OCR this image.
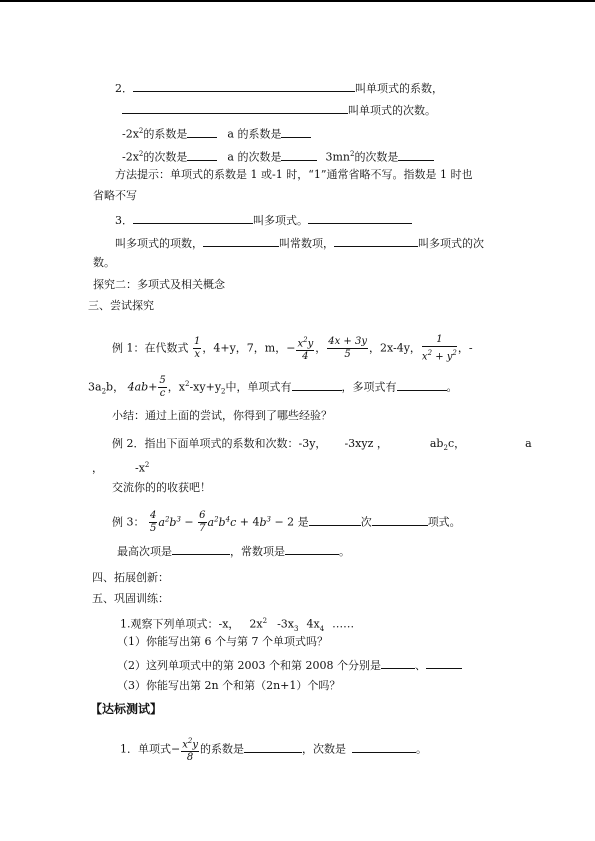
2．	叫单项式的系数，
叫单项式的次数。
$-2x^2$的系数是	a 的系数是
$-2x^2$的次数是	a 的次数是	$3mn^2$的次数是
方法提示：单项式的系数是 1 或-1 时，“1”通常省略不写。指数是 1 时也
省略不写
3．	叫多项式。
叫多项式的项数，	叫常数项，	叫多项式的次
数。
探究二：多项式及相关概念
三、尝试探究
例 1：在代数式 $\frac{1}{x}$ ，4+y，7，m，− $\frac{x^2y}{4}$ ， $\frac{4x + 3y}{5}$ ，2x-4y， $\frac{1}{x^2 + y^2}$ ，-
$3a_2b$， $4ab+ \frac{5}{c}$ ，$x^2-xy+y_2$中，单项式有	，多项式有	。
小结：通过上面的尝试，你得到了哪些经验？
例 2．指出下面单项式的系数和次数：-3y， -3xyz ，	$ab_2c$，	a
，	$-x^2$
交流你的的收获吧！
例 3： $\frac{4}{5} a^2b^3 - \frac{6}{7} a^2b^4c + 4b^3 - 2$ 是	次	项式。
最高次项是	，常数项是	。
四、拓展创新：
五、巩固训练：
1.观察下列单项式：-x， $2x^2$ $-3x_3$ $4x_4$ ……
（1）你能写出第 6 个与第 7 个单项式吗？
（2）这列单项式中的第 2003 个和第 2008 个分别是	、
（3）你能写出第 2n 个和第（2n+1）个吗？
【达标测试】
1．单项式− $\frac{x^2y}{8}$ 的系数是	，次数是	。
